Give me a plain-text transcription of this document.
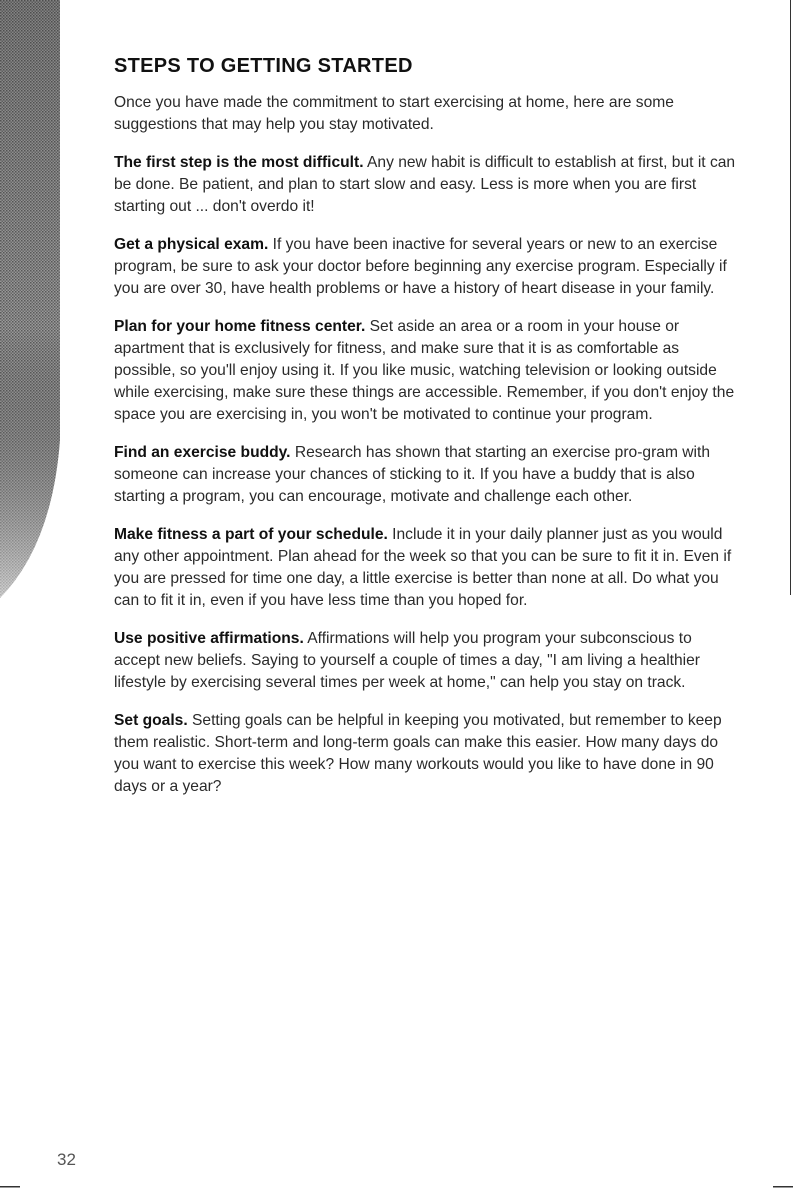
STEPS TO GETTING STARTED

Once you have made the commitment to start exercising at home, here are some suggestions that may help you stay motivated.

The first step is the most difficult. Any new habit is difficult to establish at first, but it can be done. Be patient, and plan to start slow and easy. Less is more when you are first starting out ... don't overdo it!

Get a physical exam. If you have been inactive for several years or new to an exercise program, be sure to ask your doctor before beginning any exercise program. Especially if you are over 30, have health problems or have a history of heart disease in your family.

Plan for your home fitness center. Set aside an area or a room in your house or apartment that is exclusively for fitness, and make sure that it is as comfortable as possible, so you'll enjoy using it. If you like music, watching television or looking outside while exercising, make sure these things are accessible. Remember, if you don't enjoy the space you are exercising in, you won't be motivated to continue your program.

Find an exercise buddy. Research has shown that starting an exercise pro-gram with someone can increase your chances of sticking to it. If you have a buddy that is also starting a program, you can encourage, motivate and challenge each other.

Make fitness a part of your schedule. Include it in your daily planner just as you would any other appointment. Plan ahead for the week so that you can be sure to fit it in. Even if you are pressed for time one day, a little exercise is better than none at all. Do what you can to fit it in, even if you have less time than you hoped for.

Use positive affirmations. Affirmations will help you program your subconscious to accept new beliefs. Saying to yourself a couple of times a day, "I am living a healthier lifestyle by exercising several times per week at home," can help you stay on track.

Set goals. Setting goals can be helpful in keeping you motivated, but remember to keep them realistic. Short-term and long-term goals can make this easier. How many days do you want to exercise this week? How many workouts would you like to have done in 90 days or a year?

32
